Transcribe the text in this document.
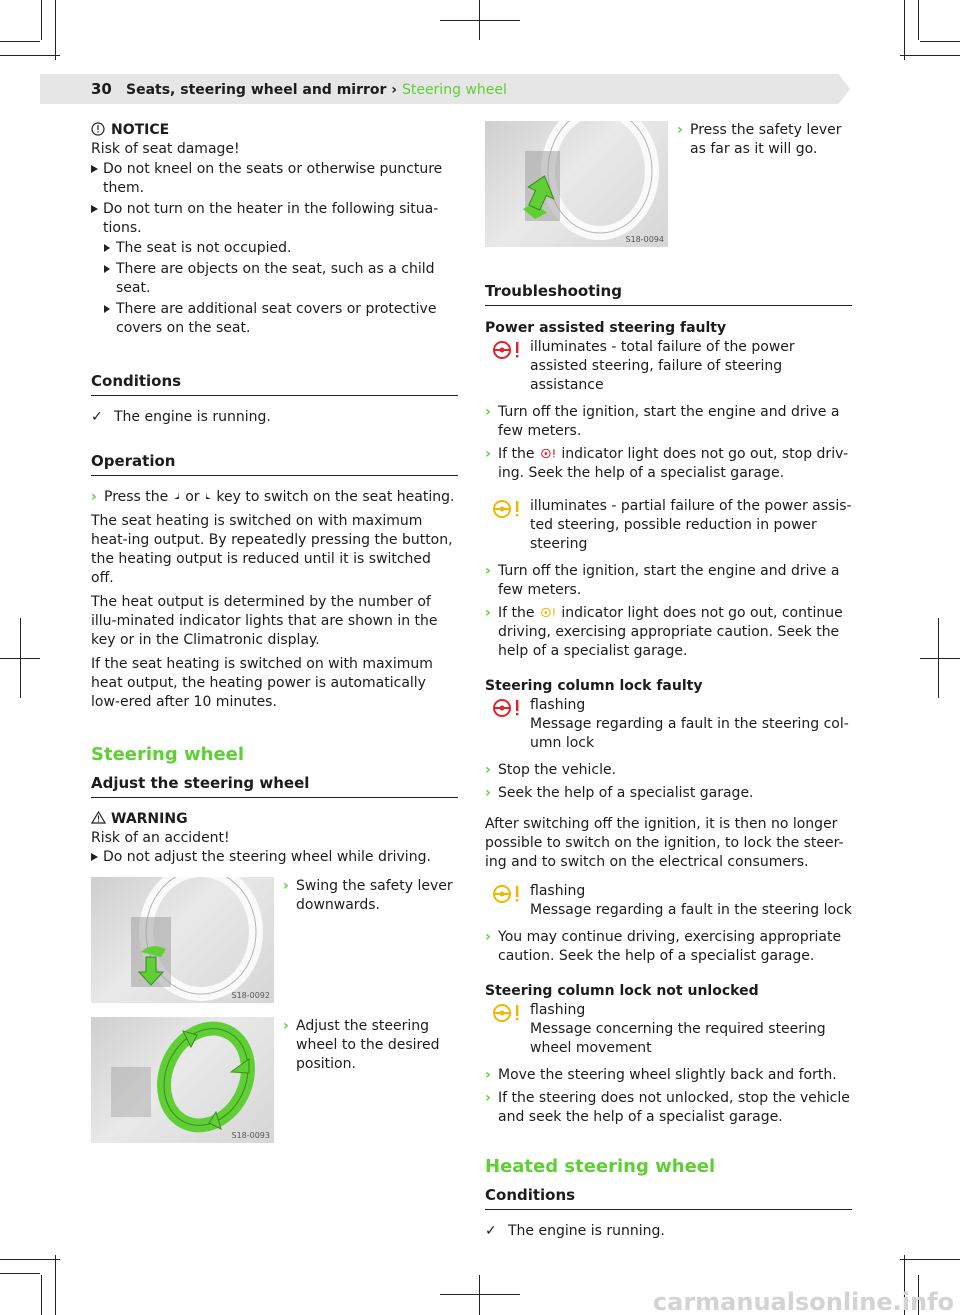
30 Seats, steering wheel and mirror › Steering wheel

NOTICE

Risk of seat damage!

Do not kneel on the seats or otherwise puncture them.

Do not turn on the heater in the following situa-tions.

The seat is not occupied.

There are objects on the seat, such as a child seat.

There are additional seat covers or protective covers on the seat.

Conditions

✓ The engine is running.

Operation

› Press the or key to switch on the seat heating.

The seat heating is switched on with maximum heat-ing output. By repeatedly pressing the button, the heating output is reduced until it is switched off.

The heat output is determined by the number of illu-minated indicator lights that are shown in the key or in the Climatronic display.

If the seat heating is switched on with maximum heat output, the heating power is automatically low-ered after 10 minutes.

Steering wheel

Adjust the steering wheel

WARNING

Risk of an accident!

Do not adjust the steering wheel while driving.

S18-0092

› Swing the safety lever downwards.

S18-0093

› Adjust the steering wheel to the desired position.

S18-0094

› Press the safety lever as far as it will go.

Troubleshooting

Power assisted steering faulty

illuminates - total failure of the power assisted steering, failure of steering assistance

› Turn off the ignition, start the engine and drive a few meters.

› If the indicator light does not go out, stop driv-ing. Seek the help of a specialist garage.

illuminates - partial failure of the power assis-ted steering, possible reduction in power steering

› Turn off the ignition, start the engine and drive a few meters.

› If the indicator light does not go out, continue driving, exercising appropriate caution. Seek the help of a specialist garage.

Steering column lock faulty

flashing

Message regarding a fault in the steering col-umn lock

› Stop the vehicle.

› Seek the help of a specialist garage.

After switching off the ignition, it is then no longer possible to switch on the ignition, to lock the steer-ing and to switch on the electrical consumers.

flashing

Message regarding a fault in the steering lock

› You may continue driving, exercising appropriate caution. Seek the help of a specialist garage.

Steering column lock not unlocked

flashing

Message concerning the required steering wheel movement

› Move the steering wheel slightly back and forth.

› If the steering does not unlocked, stop the vehicle and seek the help of a specialist garage.

Heated steering wheel

Conditions

✓ The engine is running.

carmanualsonline.info
